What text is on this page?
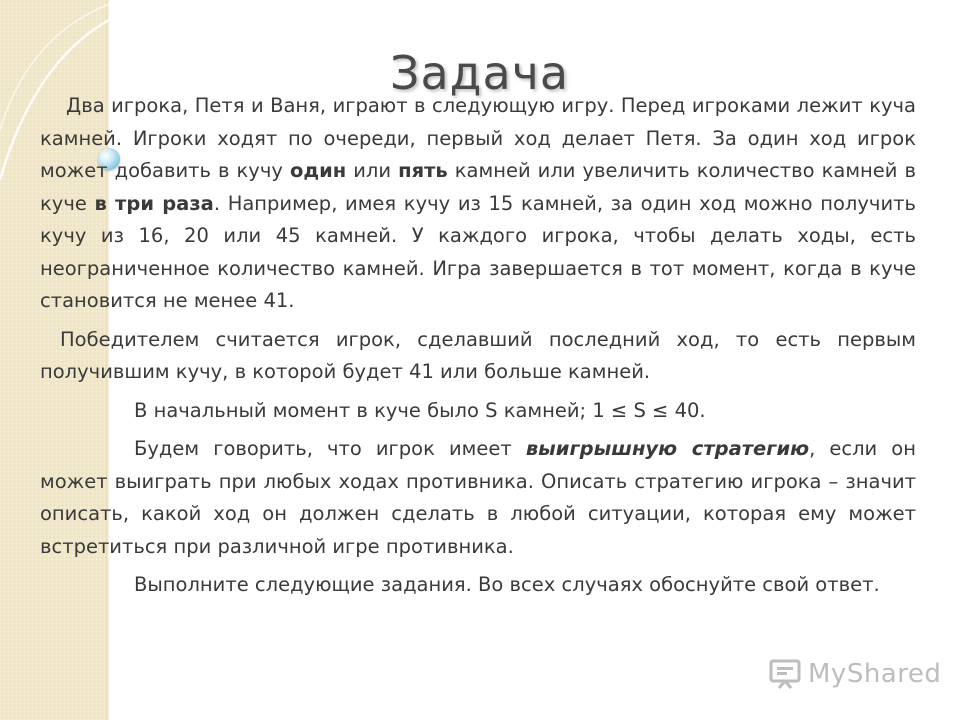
Задача

Два игрока, Петя и Ваня, играют в следующую игру. Перед игроками лежит куча камней. Игроки ходят по очереди, первый ход делает Петя. За один ход игрок может добавить в кучу один или пять камней или увеличить количество камней в куче в три раза. Например, имея кучу из 15 камней, за один ход можно получить кучу из 16, 20 или 45 камней. У каждого игрока, чтобы делать ходы, есть неограниченное количество камней. Игра завершается в тот момент, когда в куче становится не менее 41.

Победителем считается игрок, сделавший последний ход, то есть первым получившим кучу, в которой будет 41 или больше камней.

В начальный момент в куче было S камней; 1 ≤ S ≤ 40.

Будем говорить, что игрок имеет выигрышную стратегию, если он может выиграть при любых ходах противника. Описать стратегию игрока – значит описать, какой ход он должен сделать в любой ситуации, которая ему может встретиться при различной игре противника.

Выполните следующие задания. Во всех случаях обоснуйте свой ответ.

MyShared
